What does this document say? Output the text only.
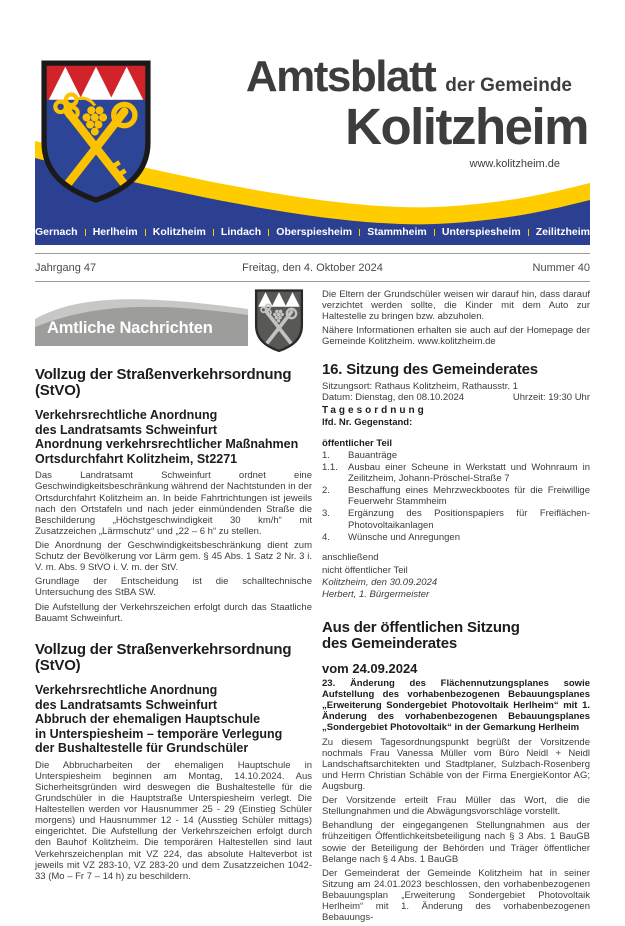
Amtsblatt der Gemeinde
Kolitzheim
www.kolitzheim.de
Gernach Herlheim Kolitzheim Lindach Oberspiesheim Stammheim Unterspiesheim Zeilitzheim
Jahrgang 47	Freitag, den 4. Oktober 2024	Nummer 40
Amtliche Nachrichten
Vollzug der Straßenverkehrsordnung (StVO)
Verkehrsrechtliche Anordnung
des Landratsamts Schweinfurt
Anordnung verkehrsrechtlicher Maßnahmen
Ortsdurchfahrt Kolitzheim, St2271

Das Landratsamt Schweinfurt ordnet eine Geschwindigkeitsbeschränkung während der Nachtstunden in der Ortsdurchfahrt Kolitzheim an. In beide Fahrtrichtungen ist jeweils nach den Ortstafeln und nach jeder einmündenden Straße die Beschilderung „Höchstgeschwindigkeit 30 km/h“ mit Zusatzzeichen „Lärmschutz“ und „22 – 6 h“ zu stellen.

Die Anordnung der Geschwindigkeitsbeschränkung dient zum Schutz der Bevölkerung vor Lärm gem. § 45 Abs. 1 Satz 2 Nr. 3 i. V. m. Abs. 9 StVO i. V. m. der StV.

Grundlage der Entscheidung ist die schalltechnische Untersuchung des StBA SW.

Die Aufstellung der Verkehrszeichen erfolgt durch das Staatliche Bauamt Schweinfurt.

Vollzug der Straßenverkehrsordnung (StVO)
Verkehrsrechtliche Anordnung
des Landratsamts Schweinfurt
Abbruch der ehemaligen Hauptschule
in Unterspiesheim – temporäre Verlegung
der Bushaltestelle für Grundschüler

Die Abbrucharbeiten der ehemaligen Hauptschule in Unterspiesheim beginnen am Montag, 14.10.2024. Aus Sicherheitsgründen wird deswegen die Bushaltestelle für die Grundschüler in die Hauptstraße Unterspiesheim verlegt. Die Haltestellen werden vor Hausnummer 25 - 29 (Einstieg Schüler morgens) und Hausnummer 12 - 14 (Ausstieg Schüler mittags) eingerichtet. Die Aufstellung der Verkehrszeichen erfolgt durch den Bauhof Kolitzheim. Die temporären Haltestellen sind laut Verkehrszeichenplan mit VZ 224, das absolute Halteverbot ist jeweils mit VZ 283-10, VZ 283-20 und dem Zusatzzeichen 1042-33 (Mo – Fr 7 – 14 h) zu beschildern.

Die Eltern der Grundschüler weisen wir darauf hin, dass darauf verzichtet werden sollte, die Kinder mit dem Auto zur Haltestelle zu bringen bzw. abzuholen.

Nähere Informationen erhalten sie auch auf der Homepage der Gemeinde Kolitzheim. www.kolitzheim.de

16. Sitzung des Gemeinderates
Sitzungsort: Rathaus Kolitzheim, Rathausstr. 1
Datum: Dienstag, den 08.10.2024	Uhrzeit: 19:30 Uhr
Tagesordnung
lfd. Nr. Gegenstand:
öffentlicher Teil
1.	Bauanträge
1.1.	Ausbau einer Scheune in Werkstatt und Wohnraum in Zeilitzheim, Johann-Pröschel-Straße 7
2.	Beschaffung eines Mehrzweckbootes für die Freiwillige Feuerwehr Stammheim
3.	Ergänzung des Positionspapiers für Freiflächen-Photovoltaikanlagen
4.	Wünsche und Anregungen
anschließend
nicht öffentlicher Teil
Kolitzheim, den 30.09.2024
Herbert, 1. Bürgermeister
Aus der öffentlichen Sitzung
des Gemeinderates
vom 24.09.2024

23. Änderung des Flächennutzungsplanes sowie Aufstellung des vorhabenbezogenen Bebauungsplanes „Erweiterung Sondergebiet Photovoltaik Herlheim“ mit 1. Änderung des vorhabenbezogenen Bebauungsplanes „Sondergebiet Photovoltaik“ in der Gemarkung Herlheim

Zu diesem Tagesordnungspunkt begrüßt der Vorsitzende nochmals Frau Vanessa Müller vom Büro Neidl + Neidl Landschaftsarchitekten und Stadtplaner, Sulzbach-Rosenberg und Herrn Christian Schäble von der Firma EnergieKontor AG; Augsburg.

Der Vorsitzende erteilt Frau Müller das Wort, die die Stellungnahmen und die Abwägungsvorschläge vorstellt.

Behandlung der eingegangenen Stellungnahmen aus der frühzeitigen Öffentlichkeitsbeteiligung nach § 3 Abs. 1 BauGB sowie der Beteiligung der Behörden und Träger öffentlicher Belange nach § 4 Abs. 1 BauGB

Der Gemeinderat der Gemeinde Kolitzheim hat in seiner Sitzung am 24.01.2023 beschlossen, den vorhabenbezogenen Bebauungsplan „Erweiterung Sondergebiet Photovoltaik Herlheim“ mit 1. Änderung des vorhabenbezogenen Bebauungs-
